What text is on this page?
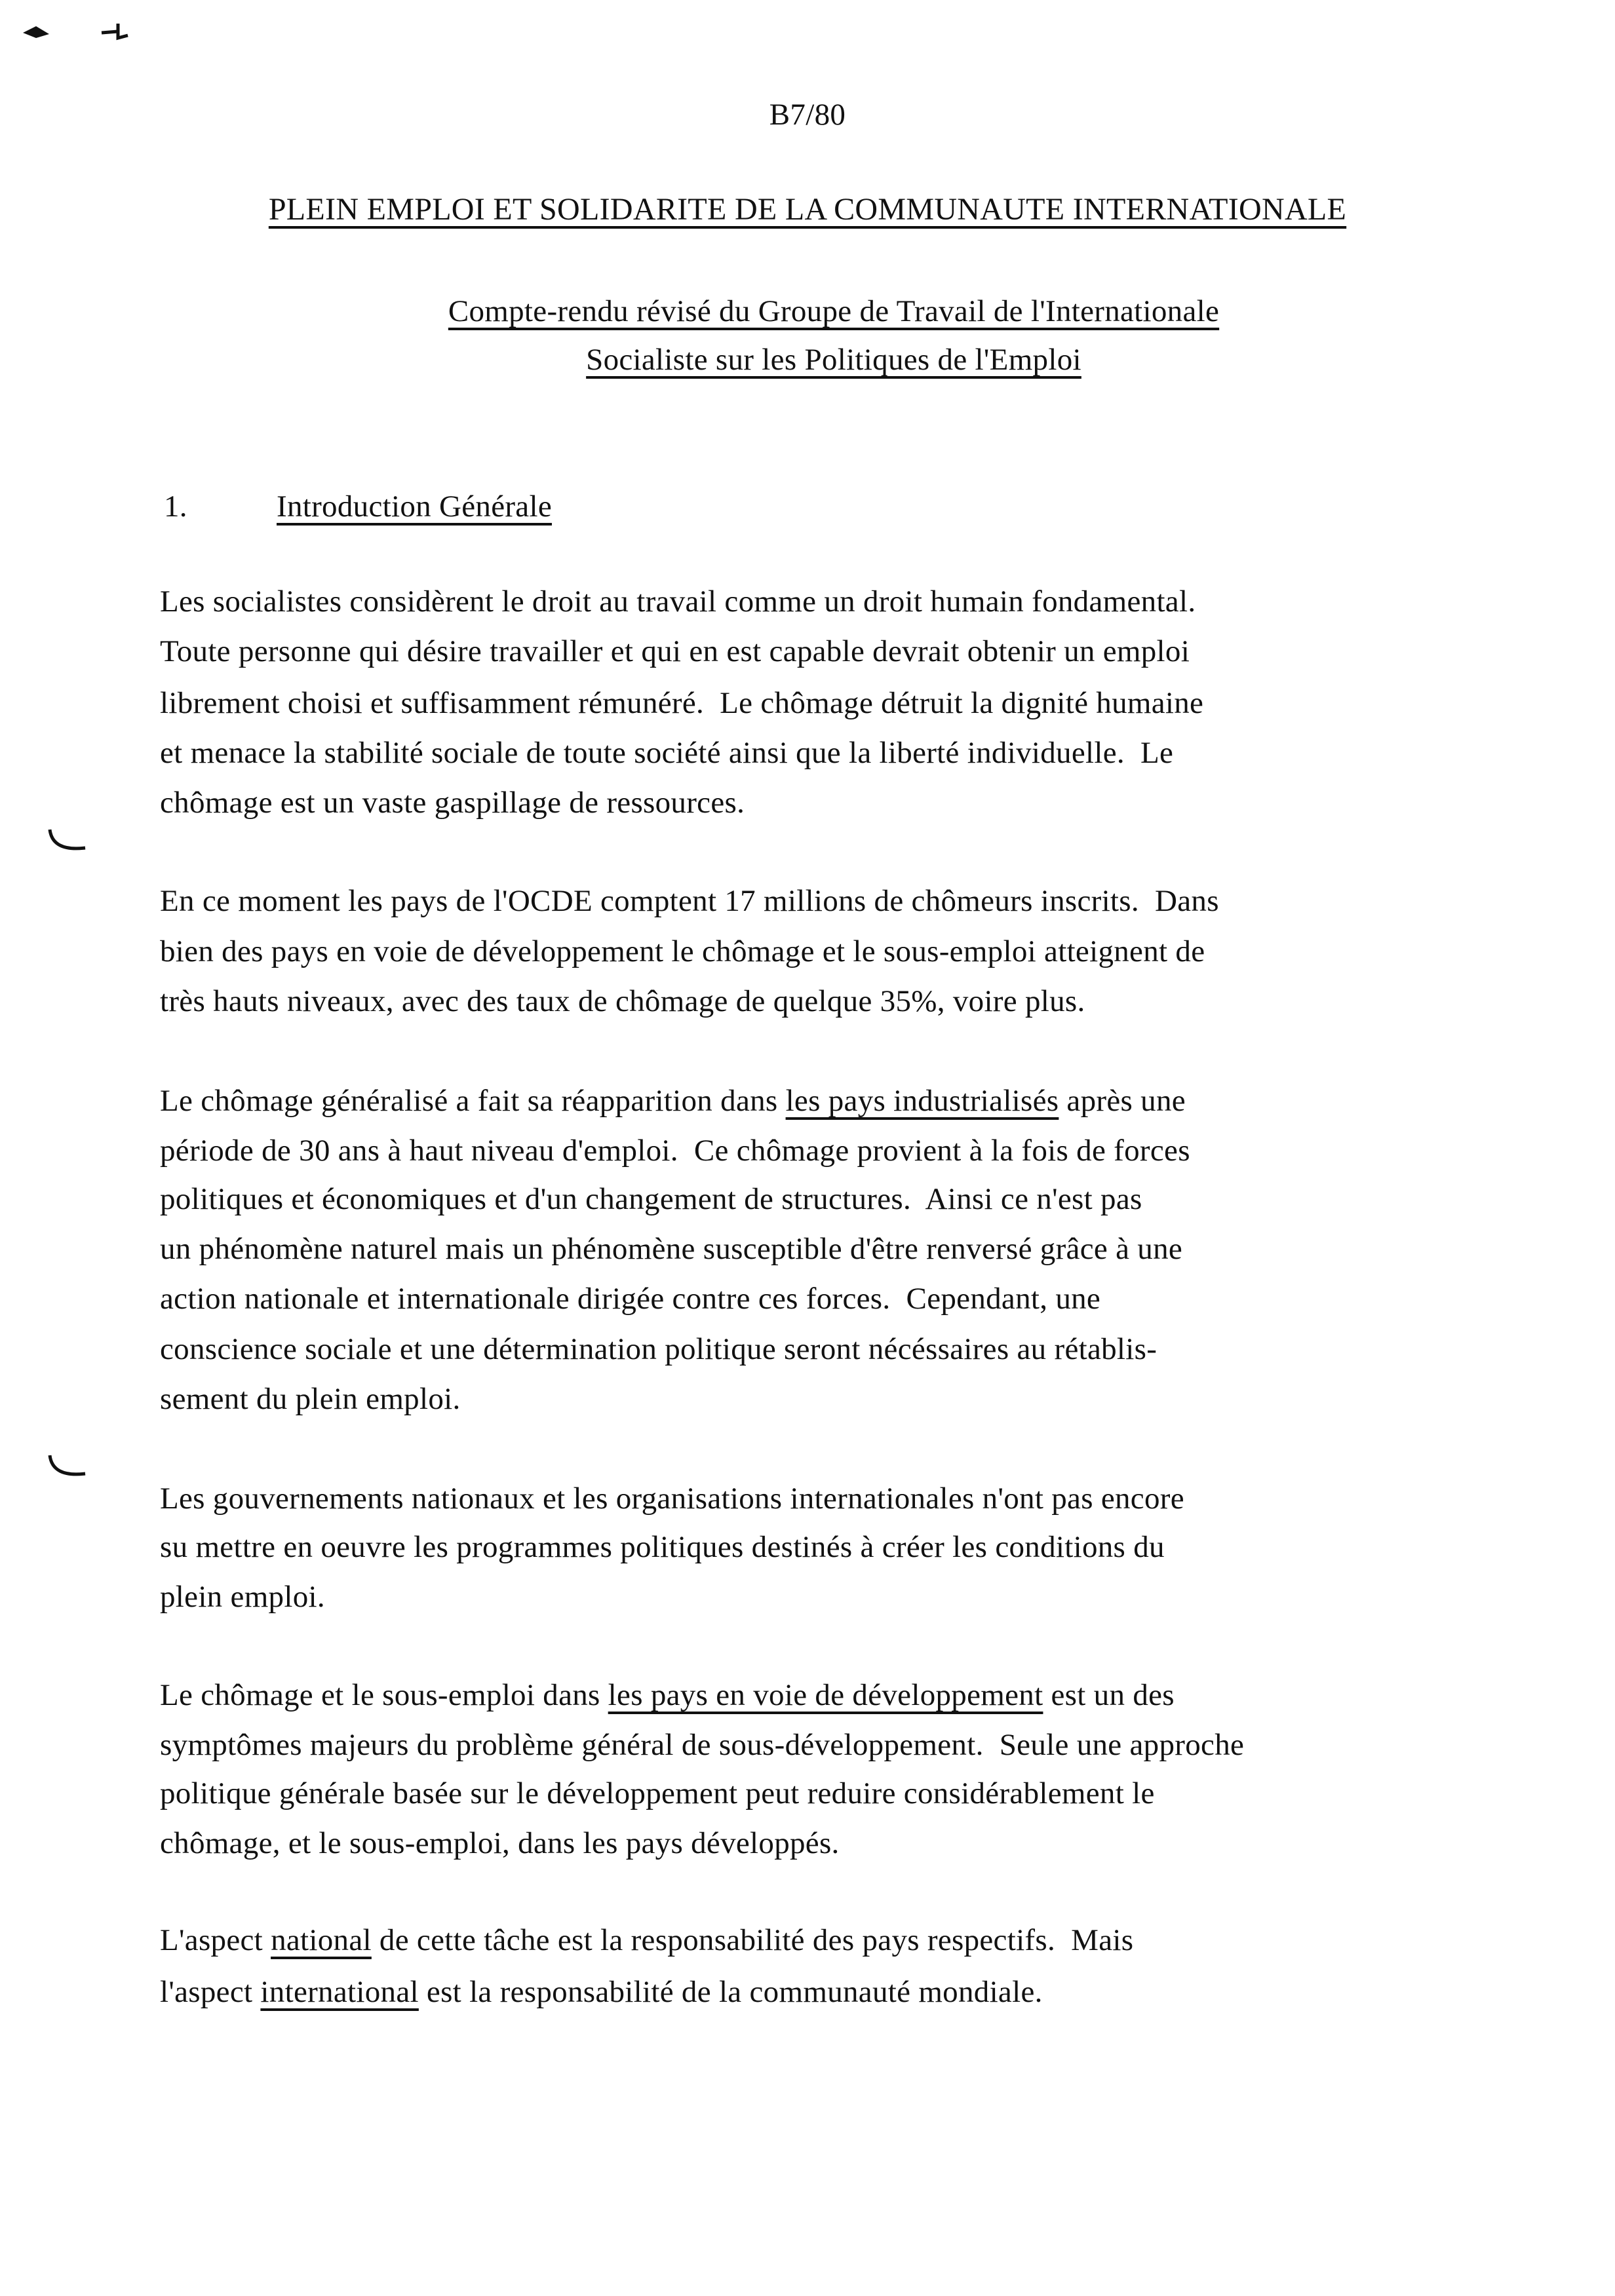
B7/80
PLEIN EMPLOI ET SOLIDARITE DE LA COMMUNAUTE INTERNATIONALE
Compte-rendu révisé du Groupe de Travail de l'Internationale
Socialiste sur les Politiques de l'Emploi
1.	Introduction Générale
Les socialistes considèrent le droit au travail comme un droit humain fondamental.
Toute personne qui désire travailler et qui en est capable devrait obtenir un emploi
librement choisi et suffisamment rémunéré.  Le chômage détruit la dignité humaine
et menace la stabilité sociale de toute société ainsi que la liberté individuelle.  Le
chômage est un vaste gaspillage de ressources.
En ce moment les pays de l'OCDE comptent 17 millions de chômeurs inscrits.  Dans
bien des pays en voie de développement le chômage et le sous-emploi atteignent de
très hauts niveaux, avec des taux de chômage de quelque 35%, voire plus.
Le chômage généralisé a fait sa réapparition dans les pays industrialisés après une
période de 30 ans à haut niveau d'emploi.  Ce chômage provient à la fois de forces
politiques et économiques et d'un changement de structures.  Ainsi ce n'est pas
un phénomène naturel mais un phénomène susceptible d'être renversé grâce à une
action nationale et internationale dirigée contre ces forces.  Cependant, une
conscience sociale et une détermination politique seront nécéssaires au rétablis-
sement du plein emploi.
Les gouvernements nationaux et les organisations internationales n'ont pas encore
su mettre en oeuvre les programmes politiques destinés à créer les conditions du
plein emploi.
Le chômage et le sous-emploi dans les pays en voie de développement est un des
symptômes majeurs du problème général de sous-développement.  Seule une approche
politique générale basée sur le développement peut reduire considérablement le
chômage, et le sous-emploi, dans les pays développés.
L'aspect national de cette tâche est la responsabilité des pays respectifs.  Mais
l'aspect international est la responsabilité de la communauté mondiale.
